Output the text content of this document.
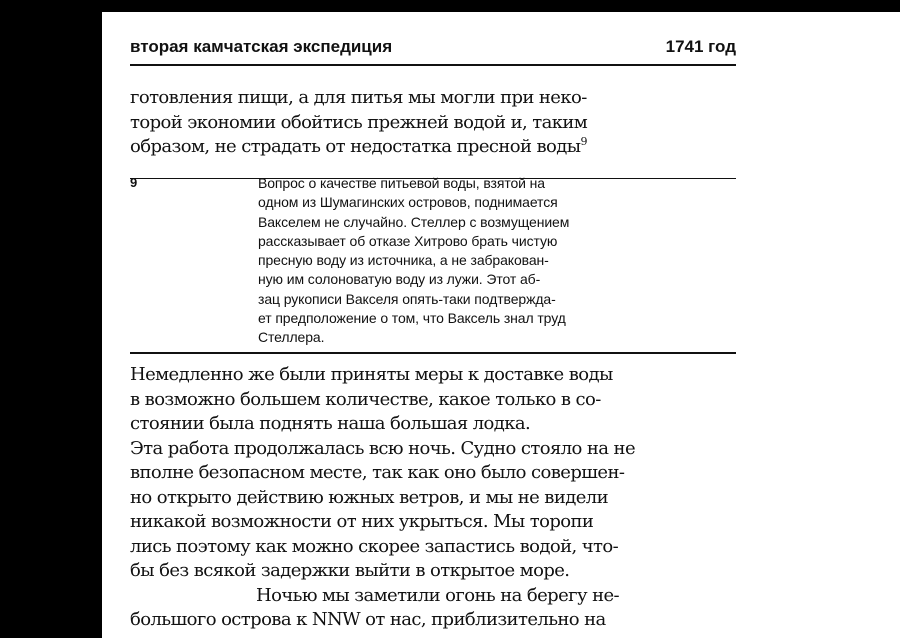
вторая камчатская экспедиция	1741 год
готовления пищи, а для питья мы могли при неко-
торой экономии обойтись прежней водой и, таким
образом, не страдать от недостатка пресной воды$^9$
9	Вопрос о качестве питьевой воды, взятой на
одном из Шумагинских островов, поднимается
Вакселем не случайно. Стеллер с возмущением
рассказывает об отказе Хитрово брать чистую
пресную воду из источника, а не забракован-
ную им солоноватую воду из лужи. Этот аб-
зац рукописи Вакселя опять-таки подтвержда-
ет предположение о том, что Ваксель знал труд
Стеллера.
Немедленно же были приняты меры к доставке воды
в возможно большем количестве, какое только в со-
стоянии была поднять наша большая лодка.
Эта работа продолжалась всю ночь. Судно стояло на не
вполне безопасном месте, так как оно было совершен-
но открыто действию южных ветров, и мы не видели
никакой возможности от них укрыться. Мы торопи
лись поэтому как можно скорее запастись водой, что-
бы без всякой задержки выйти в открытое море.
Ночью мы заметили огонь на берегу не-
большого острова к NNW от нас, приблизительно на
